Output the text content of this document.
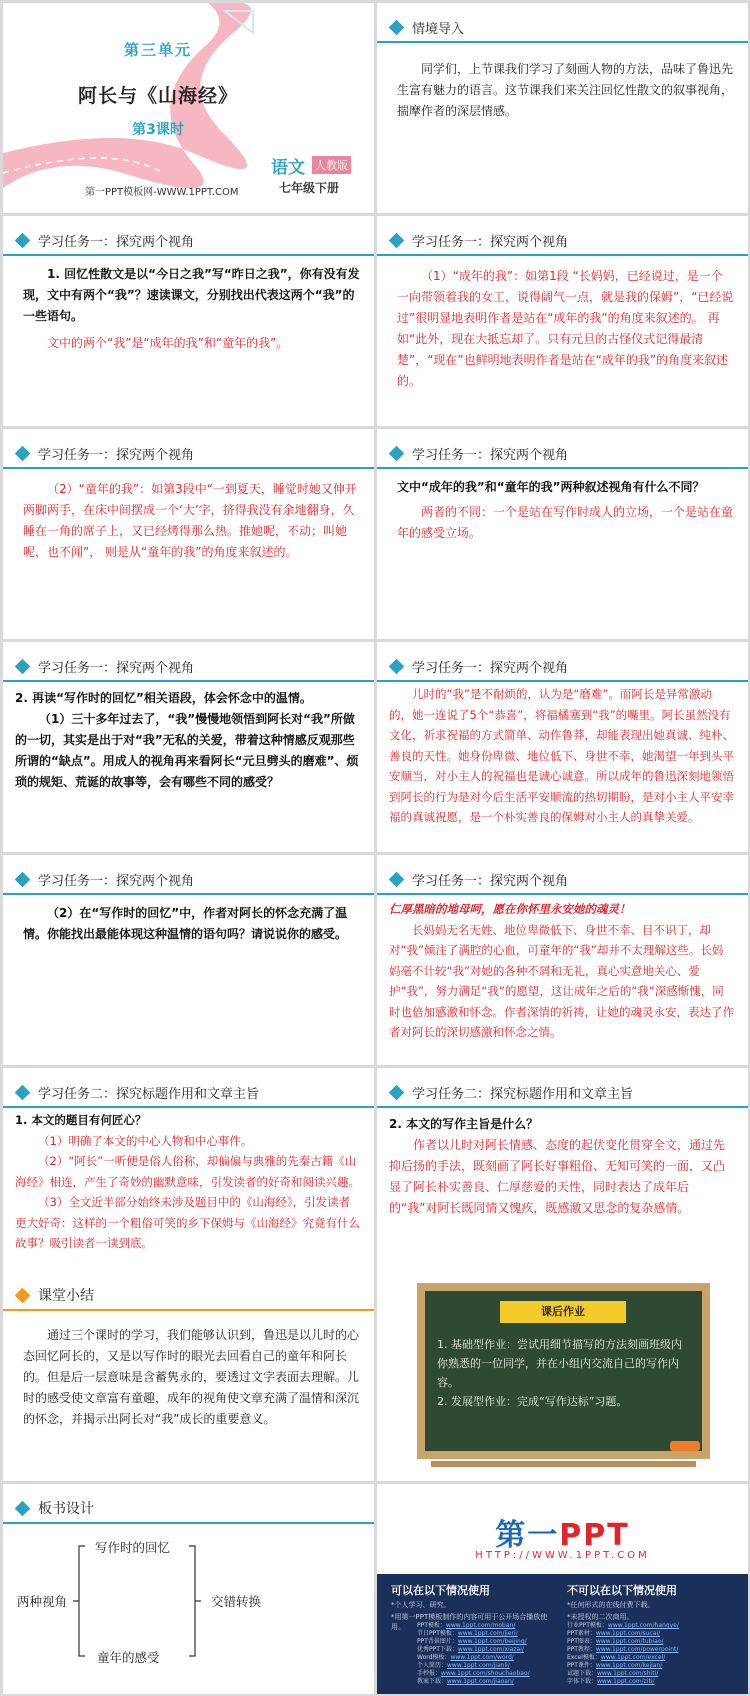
第三单元
阿长与《山海经》
第3课时
语文 人教版
七年级下册
第一PPT模板网-WWW.1PPT.COM
情境导入

同学们，上节课我们学习了刻画人物的方法，品味了鲁迅先生富有魅力的语言。这节课我们来关注回忆性散文的叙事视角，揣摩作者的深层情感。

学习任务一：探究两个视角

1. 回忆性散文是以“今日之我”写“昨日之我”，你有没有发现，文中有两个“我”？速读课文，分别找出代表这两个“我”的一些语句。

文中的两个“我”是“成年的我”和“童年的我”。

学习任务一：探究两个视角

（1）“成年的我”：如第1段 “长妈妈，已经说过，是一个一向带领着我的女工，说得阔气一点，就是我的保姆”，“已经说过”很明显地表明作者是站在“成年的我”的角度来叙述的。 再如“此外，现在大抵忘却了。只有元旦的古怪仪式记得最清楚”，“现在”也鲜明地表明作者是站在“成年的我”的角度来叙述的。

学习任务一：探究两个视角

（2）“童年的我”：如第3段中“一到夏天，睡觉时她又伸开两脚两手，在床中间摆成一个‘大’字，挤得我没有余地翻身，久睡在一角的席子上，又已经烤得那么热。推她呢，不动；叫她呢，也不闻”， 则是从“童年的我”的角度来叙述的。

学习任务一：探究两个视角

文中“成年的我”和“童年的我”两种叙述视角有什么不同？

两者的不同：一个是站在写作时成人的立场，一个是站在童年的感受立场。

学习任务一：探究两个视角

2. 再读“写作时的回忆”相关语段，体会怀念中的温情。

（1）三十多年过去了，“我”慢慢地领悟到阿长对“我”所做的一切，其实是出于对“我”无私的关爱，带着这种情感反观那些所谓的“缺点”。用成人的视角再来看阿长“元旦劈头的磨难”、烦琐的规矩、荒诞的故事等，会有哪些不同的感受？

学习任务一：探究两个视角

儿时的“我”是不耐烦的，认为是“磨难”。而阿长是异常激动的，她一连说了5个“恭喜”，将福橘塞到“我”的嘴里。阿长虽然没有文化，祈求祝福的方式简单、动作鲁莽，却能表现出她真诚、纯朴、善良的天性。她身份卑微、地位低下、身世不幸，她渴望一年到头平安顺当，对小主人的祝福也是诚心诚意。所以成年的鲁迅深刻地领悟到阿长的行为是对今后生活平安顺流的热切期盼，是对小主人平安幸福的真诚祝愿，是一个朴实善良的保姆对小主人的真挚关爱。

学习任务一：探究两个视角

（2）在“写作时的回忆”中，作者对阿长的怀念充满了温情。你能找出最能体现这种温情的语句吗？请说说你的感受。

学习任务一：探究两个视角

仁厚黑暗的地母呵，愿在你怀里永安她的魂灵！

长妈妈无名无姓、地位卑微低下、身世不幸、目不识丁，却对“我”倾注了满腔的心血，可童年的“我”却并不太理解这些。长妈妈毫不计较“我”对她的各种不屑和无礼，真心实意地关心、爱护“我”，努力满足“我”的愿望，这让成年之后的“我”深感惭愧，同时也倍加感激和怀念。作者深情的祈祷，让她的魂灵永安，表达了作者对阿长的深切感激和怀念之情。

学习任务二：探究标题作用和文章主旨

1. 本文的题目有何匠心？

（1）明确了本文的中心人物和中心事件。

（2）“阿长”一听便是俗人俗称，却偏偏与典雅的先秦古籍《山海经》相连，产生了奇妙的幽默意味，引发读者的好奇和阅读兴趣。

（3）全文近半部分始终未涉及题目中的《山海经》，引发读者更大好奇：这样的一个粗俗可笑的乡下保姆与《山海经》究竟有什么故事？吸引读者一读到底。

学习任务二：探究标题作用和文章主旨

2. 本文的写作主旨是什么？

作者以儿时对阿长情感、态度的起伏变化贯穿全文，通过先抑后扬的手法，既刻画了阿长好事粗俗、无知可笑的一面，又凸显了阿长朴实善良、仁厚慈爱的天性，同时表达了成年后的“我”对阿长既同情又愧疚，既感激又思念的复杂感情。

课堂小结

通过三个课时的学习，我们能够认识到，鲁迅是以儿时的心态回忆阿长的，又是以写作时的眼光去回看自己的童年和阿长的。但是后一层意味是含蓄隽永的，要透过文字表面去理解。儿时的感受使文章富有童趣，成年的视角使文章充满了温情和深沉的怀念，并揭示出阿长对“我”成长的重要意义。

课后作业

1. 基础型作业：尝试用细节描写的方法刻画班级内你熟悉的一位同学，并在小组内交流自己的写作内容。

2. 发展型作业：完成“写作达标”习题。

板书设计
两种视角
写作时的回忆
童年的感受
交错转换
第一PPT
HTTP://WWW.1PPT.COM
可以在以下情况使用
*个人学习、研究。
*用第一PPT模板制作的内容可用于公开场合播放使用。
不可以在以下情况使用
*任何形式的在线付费下载。
*未授权的二次商用。
PPT模板：www.1ppt.com/moban/
节日PPT模板：www.1ppt.com/jieri/
PPT背景图片：www.1ppt.com/beijing/
优秀PPT下载：www.1ppt.com/xiazai/
Word模板：www.1ppt.com/word/
个人简历：www.1ppt.com/jianli/
手抄报：www.1ppt.com/shouchaobao/
教案下载：www.1ppt.com/jiaoan/
行业PPT模板：www.1ppt.com/hangye/
PPT素材：www.1ppt.com/sucai/
PPT图表：www.1ppt.com/tubiao/
PPT教程：www.1ppt.com/powerpoint/
Excel模板：www.1ppt.com/excel/
PPT课件：www.1ppt.com/kejian/
试题下载：www.1ppt.com/shiti/
字体下载：www.1ppt.com/ziti/
